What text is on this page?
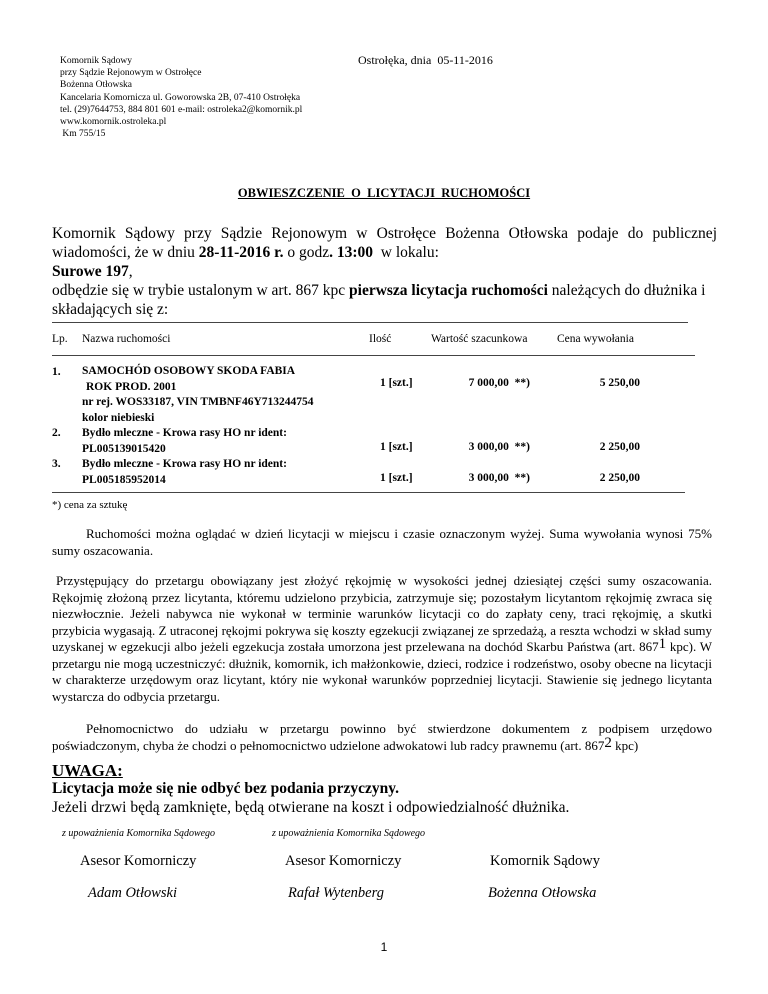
Komornik Sądowy
przy Sądzie Rejonowym w Ostrołęce
Bożenna Otłowska
Kancelaria Komornicza ul. Goworowska 2B, 07-410 Ostrołęka
tel. (29)7644753, 884 801 601 e-mail: ostroleka2@komornik.pl
www.komornik.ostroleka.pl
Km 755/15
Ostrołęka, dnia  05-11-2016
OBWIESZCZENIE  O  LICYTACJI  RUCHOMOŚCI
Komornik Sądowy przy Sądzie Rejonowym w Ostrołęce Bożenna Otłowska podaje do publicznej
wiadomości, że w dniu 28-11-2016 r. o godz. 13:00  w lokalu:
Surowe 197,
odbędzie się w trybie ustalonym w art. 867 kpc pierwsza licytacja ruchomości należących do dłużnika i
składających się z:
Lp. Nazwa ruchomości	Ilość	Wartość szacunkowa	Cena wywołania
1. SAMOCHÓD OSOBOWY SKODA FABIA
ROK PROD. 2001
nr rej. WOS33187, VIN TMBNF46Y713244754
kolor niebieski
1 [szt.]	7 000,00  **)	5 250,00
2. Bydło mleczne - Krowa rasy HO nr ident:
PL005139015420	1 [szt.]	3 000,00  **)	2 250,00
3. Bydło mleczne - Krowa rasy HO nr ident:
PL005185952014	1 [szt.]	3 000,00  **)	2 250,00
*) cena za sztukę
Ruchomości można oglądać w dzień licytacji w miejscu i czasie oznaczonym wyżej. Suma wywołania wynosi 75% sumy oszacowania.
Przystępujący do przetargu obowiązany jest złożyć rękojmię w wysokości jednej dziesiątej części sumy oszacowania. Rękojmię złożoną przez licytanta, któremu udzielono przybicia, zatrzymuje się; pozostałym licytantom rękojmię zwraca się niezwłocznie. Jeżeli nabywca nie wykonał w terminie warunków licytacji co do zapłaty ceny, traci rękojmię, a skutki przybicia wygasają. Z utraconej rękojmi pokrywa się koszty egzekucji związanej ze sprzedażą, a reszta wchodzi w skład sumy uzyskanej w egzekucji albo jeżeli egzekucja została umorzona jest przelewana na dochód Skarbu Państwa (art. $867^1$ kpc). W przetargu nie mogą uczestniczyć: dłużnik, komornik, ich małżonkowie, dzieci, rodzice i rodzeństwo, osoby obecne na licytacji w charakterze urzędowym oraz licytant, który nie wykonał warunków poprzedniej licytacji. Stawienie się jednego licytanta wystarcza do odbycia przetargu.
Pełnomocnictwo do udziału w przetargu powinno być stwierdzone dokumentem z podpisem urzędowo poświadczonym, chyba że chodzi o pełnomocnictwo udzielone adwokatowi lub radcy prawnemu (art. $867^2$ kpc)
UWAGA:
Licytacja może się nie odbyć bez podania przyczyny.
Jeżeli drzwi będą zamknięte, będą otwierane na koszt i odpowiedzialność dłużnika.
z upoważnienia Komornika Sądowego	z upoważnienia Komornika Sądowego
Asesor Komorniczy	Asesor Komorniczy	Komornik Sądowy
Adam Otłowski	Rafał Wytenberg	Bożenna Otłowska
1
